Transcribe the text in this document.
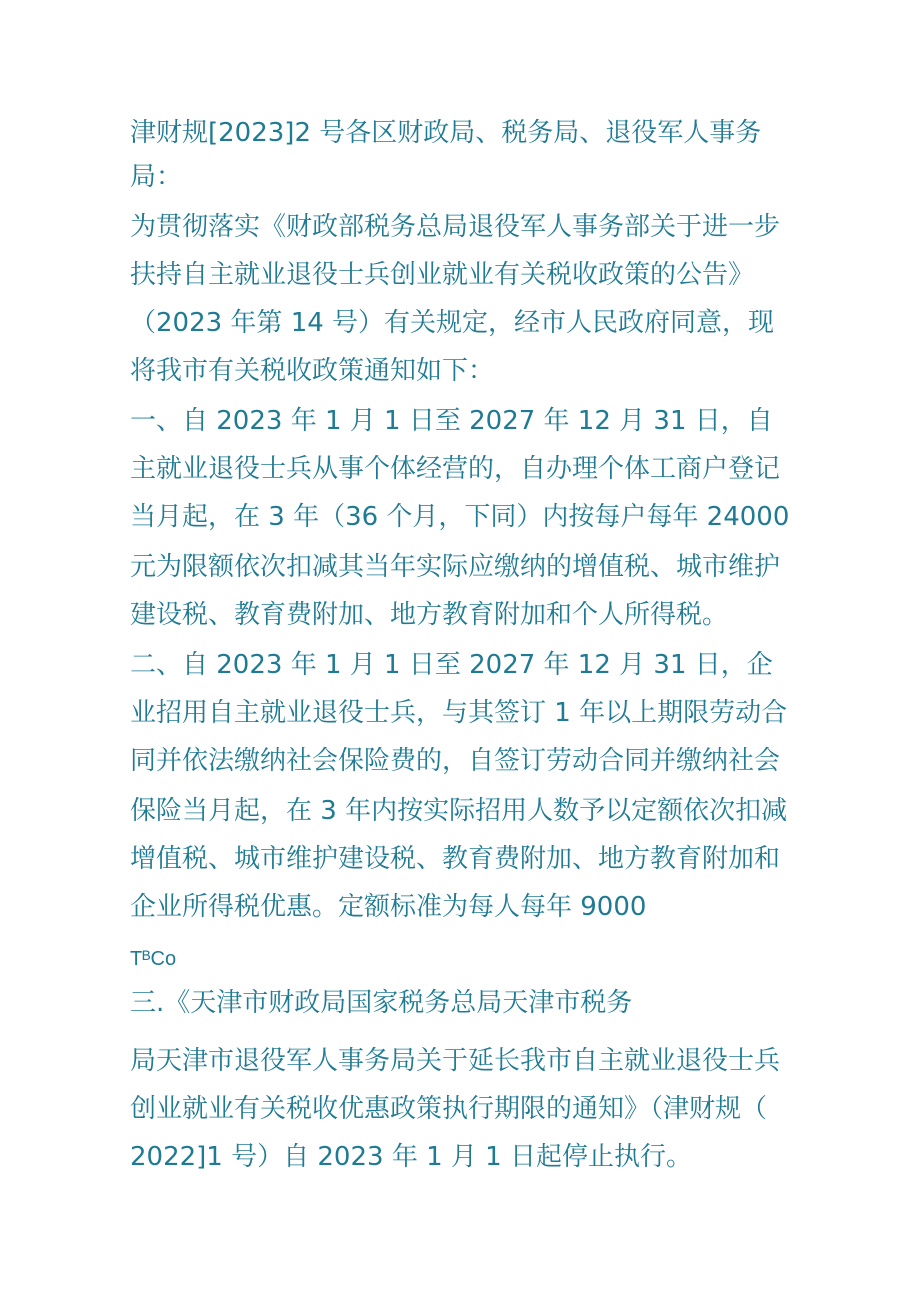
津财规[2023]2 号各区财政局、税务局、退役军人事务
局：
为贯彻落实《财政部税务总局退役军人事务部关于进一步
扶持自主就业退役士兵创业就业有关税收政策的公告》
（2023 年第 14 号）有关规定，经市人民政府同意，现
将我市有关税收政策通知如下：
一、自 2023 年 1 月 1 日至 2027 年 12 月 31 日，自
主就业退役士兵从事个体经营的，自办理个体工商户登记
当月起，在 3 年（36 个月，下同）内按每户每年 24000
元为限额依次扣减其当年实际应缴纳的增值税、城市维护
建设税、教育费附加、地方教育附加和个人所得税。
二、自 2023 年 1 月 1 日至 2027 年 12 月 31 日，企
业招用自主就业退役士兵，与其签订 1 年以上期限劳动合
同并依法缴纳社会保险费的，自签订劳动合同并缴纳社会
保险当月起，在 3 年内按实际招用人数予以定额依次扣减
增值税、城市维护建设税、教育费附加、地方教育附加和
企业所得税优惠。定额标准为每人每年 9000
TᴮCo
三.《天津市财政局国家税务总局天津市税务
局天津市退役军人事务局关于延长我市自主就业退役士兵
创业就业有关税收优惠政策执行期限的通知》（津财规（
2022]1 号）自 2023 年 1 月 1 日起停止执行。
